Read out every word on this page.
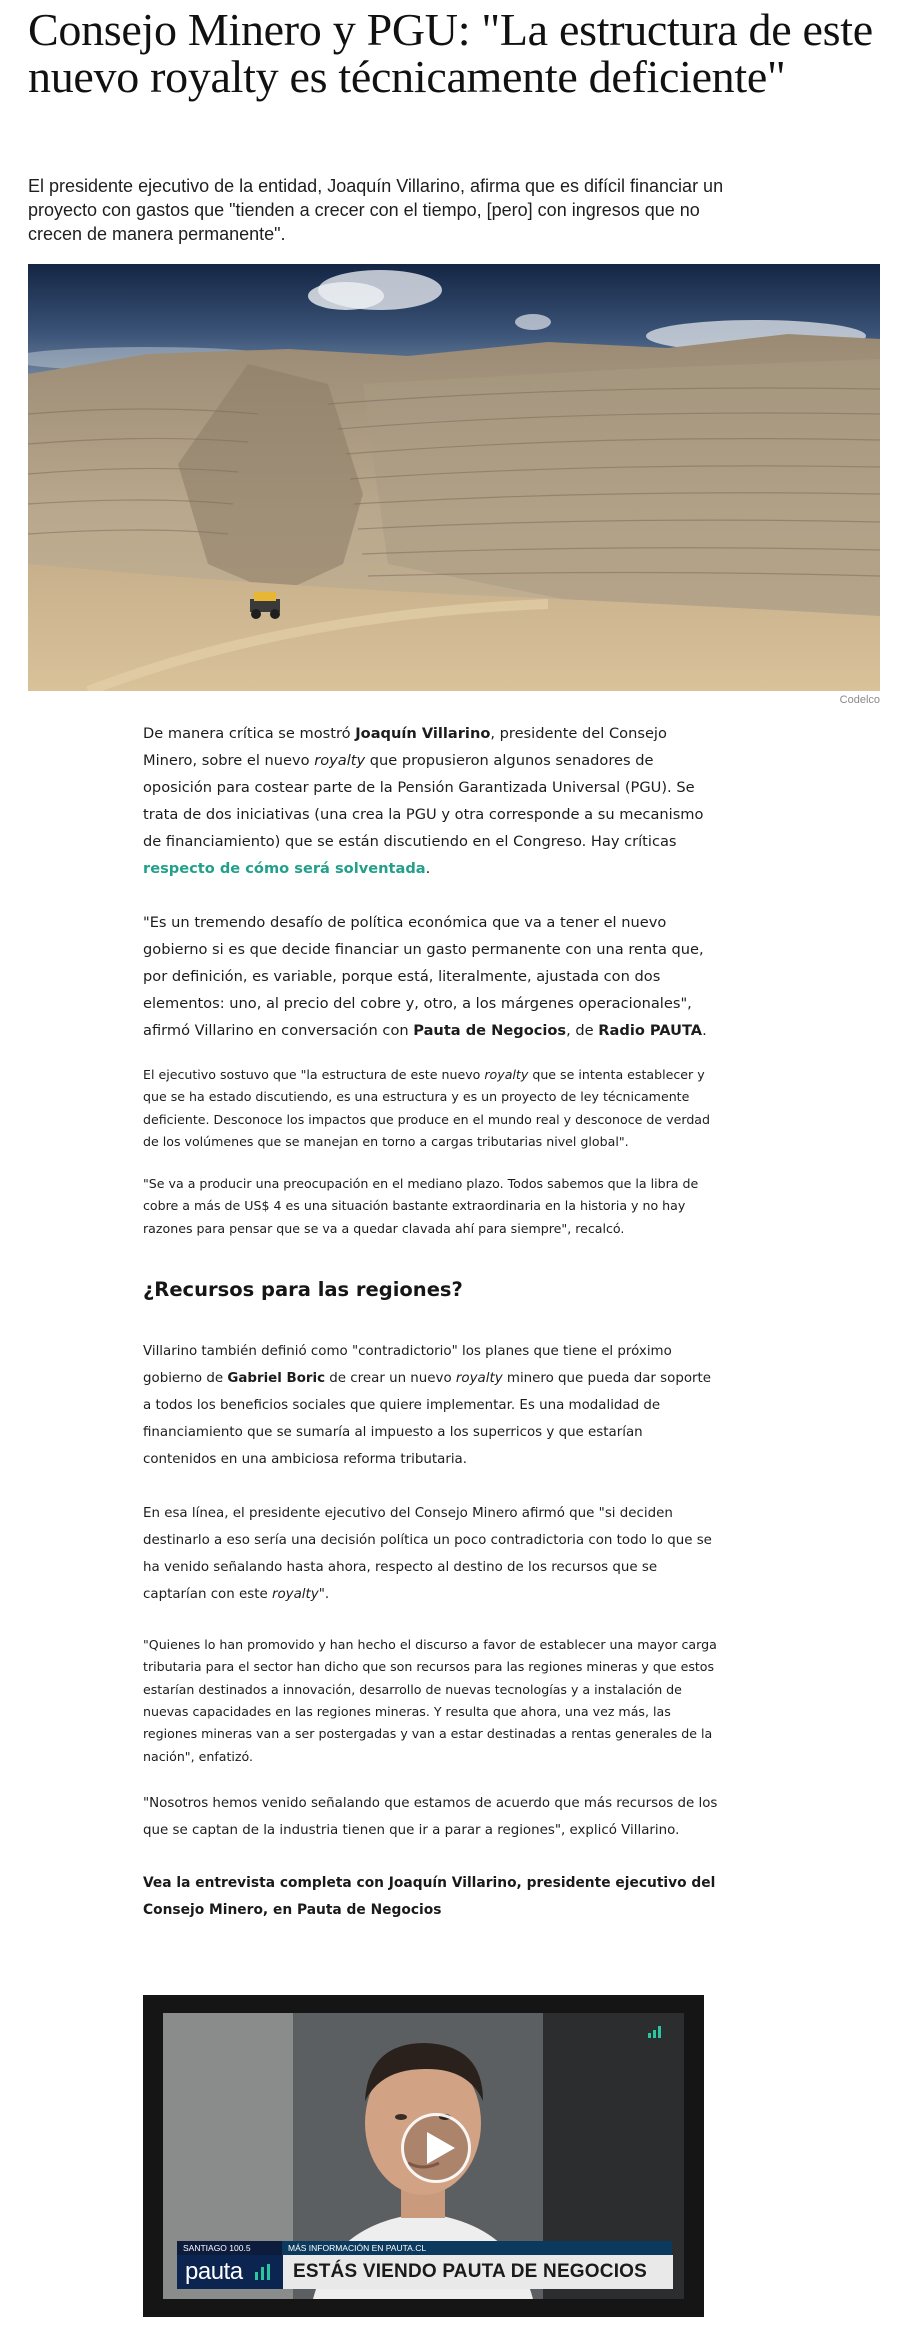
Consejo Minero y PGU: "La estructura de este nuevo royalty es técnicamente deficiente"

El presidente ejecutivo de la entidad, Joaquín Villarino, afirma que es difícil financiar un proyecto con gastos que "tienden a crecer con el tiempo, [pero] con ingresos que no crecen de manera permanente".

Codelco

De manera crítica se mostró Joaquín Villarino, presidente del Consejo Minero, sobre el nuevo royalty que propusieron algunos senadores de oposición para costear parte de la Pensión Garantizada Universal (PGU). Se trata de dos iniciativas (una crea la PGU y otra corresponde a su mecanismo de financiamiento) que se están discutiendo en el Congreso. Hay críticas respecto de cómo será solventada.

"Es un tremendo desafío de política económica que va a tener el nuevo gobierno si es que decide financiar un gasto permanente con una renta que, por definición, es variable, porque está, literalmente, ajustada con dos elementos: uno, al precio del cobre y, otro, a los márgenes operacionales", afirmó Villarino en conversación con Pauta de Negocios, de Radio PAUTA.

El ejecutivo sostuvo que "la estructura de este nuevo royalty que se intenta establecer y que se ha estado discutiendo, es una estructura y es un proyecto de ley técnicamente deficiente. Desconoce los impactos que produce en el mundo real y desconoce de verdad de los volúmenes que se manejan en torno a cargas tributarias nivel global".

"Se va a producir una preocupación en el mediano plazo. Todos sabemos que la libra de cobre a más de US$ 4 es una situación bastante extraordinaria en la historia y no hay razones para pensar que se va a quedar clavada ahí para siempre", recalcó.

¿Recursos para las regiones?

Villarino también definió como "contradictorio" los planes que tiene el próximo gobierno de Gabriel Boric de crear un nuevo royalty minero que pueda dar soporte a todos los beneficios sociales que quiere implementar. Es una modalidad de financiamiento que se sumaría al impuesto a los superricos y que estarían contenidos en una ambiciosa reforma tributaria.

En esa línea, el presidente ejecutivo del Consejo Minero afirmó que "si deciden destinarlo a eso sería una decisión política un poco contradictoria con todo lo que se ha venido señalando hasta ahora, respecto al destino de los recursos que se captarían con este royalty".

"Quienes lo han promovido y han hecho el discurso a favor de establecer una mayor carga tributaria para el sector han dicho que son recursos para las regiones mineras y que estos estarían destinados a innovación, desarrollo de nuevas tecnologías y a instalación de nuevas capacidades en las regiones mineras. Y resulta que ahora, una vez más, las regiones mineras van a ser postergadas y van a estar destinadas a rentas generales de la nación", enfatizó.

"Nosotros hemos venido señalando que estamos de acuerdo que más recursos de los que se captan de la industria tienen que ir a parar a regiones", explicó Villarino.

Vea la entrevista completa con Joaquín Villarino, presidente ejecutivo del Consejo Minero, en Pauta de Negocios

SANTIAGO 100.5	MÁS INFORMACIÓN EN PAUTA.CL
pauta	ESTÁS VIENDO PAUTA DE NEGOCIOS
